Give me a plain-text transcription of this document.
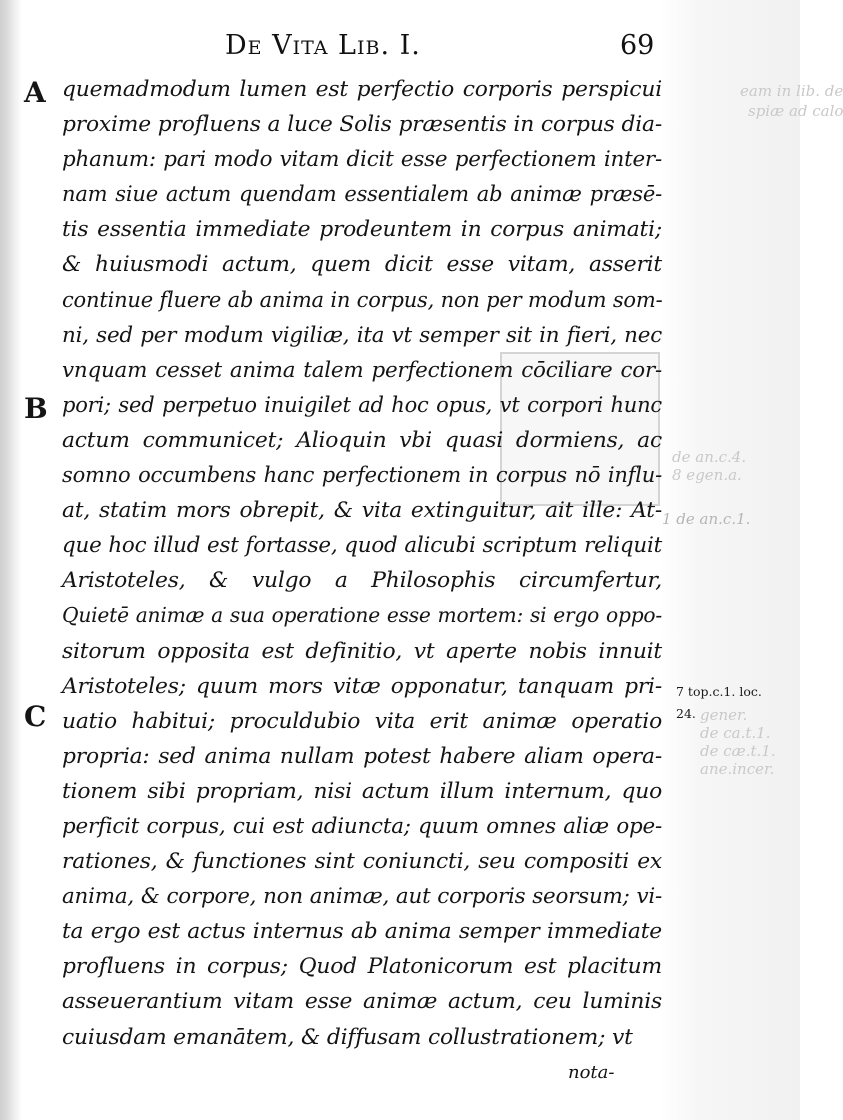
eam in lib. de
spiæ ad calo
de an.c.4.
8 egen.a.
1 de an.c.1.
gener.
de ca.t.1.
de cæ.t.1.
ane.incer.
De Vita Lib. I.	69
A
B
C
quemadmodum lumen est perfectio corporis perspicui
proxime profluens a luce Solis præsentis in corpus dia-
phanum: pari modo vitam dicit esse perfectionem inter-
nam siue actum quendam essentialem ab animæ præsē-
tis essentia immediate prodeuntem in corpus animati;
& huiusmodi actum, quem dicit esse vitam, asserit
continue fluere ab anima in corpus, non per modum som-
ni, sed per modum vigiliæ, ita vt semper sit in fieri, nec
vnquam cesset anima talem perfectionem cōciliare cor-
pori; sed perpetuo inuigilet ad hoc opus, vt corpori hunc
actum communicet; Alioquin vbi quasi dormiens, ac
somno occumbens hanc perfectionem in corpus nō influ-
at, statim mors obrepit, & vita extinguitur, ait ille: At-
que hoc illud est fortasse, quod alicubi scriptum reliquit
Aristoteles, & vulgo a Philosophis circumfertur,
Quietē animæ a sua operatione esse mortem: si ergo oppo-
sitorum opposita est definitio, vt aperte nobis innuit
Aristoteles; quum mors vitæ opponatur, tanquam pri-
uatio habitui; proculdubio vita erit animæ operatio
propria: sed anima nullam potest habere aliam opera-
tionem sibi propriam, nisi actum illum internum, quo
perficit corpus, cui est adiuncta; quum omnes aliæ ope-
rationes, & functiones sint coniuncti, seu compositi ex
anima, & corpore, non animæ, aut corporis seorsum; vi-
ta ergo est actus internus ab anima semper immediate
profluens in corpus; Quod Platonicorum est placitum
asseuerantium vitam esse animæ actum, ceu luminis
cuiusdam emanātem, & diffusam collustrationem; vt
7 top.c.1. loc.
24.
nota-
